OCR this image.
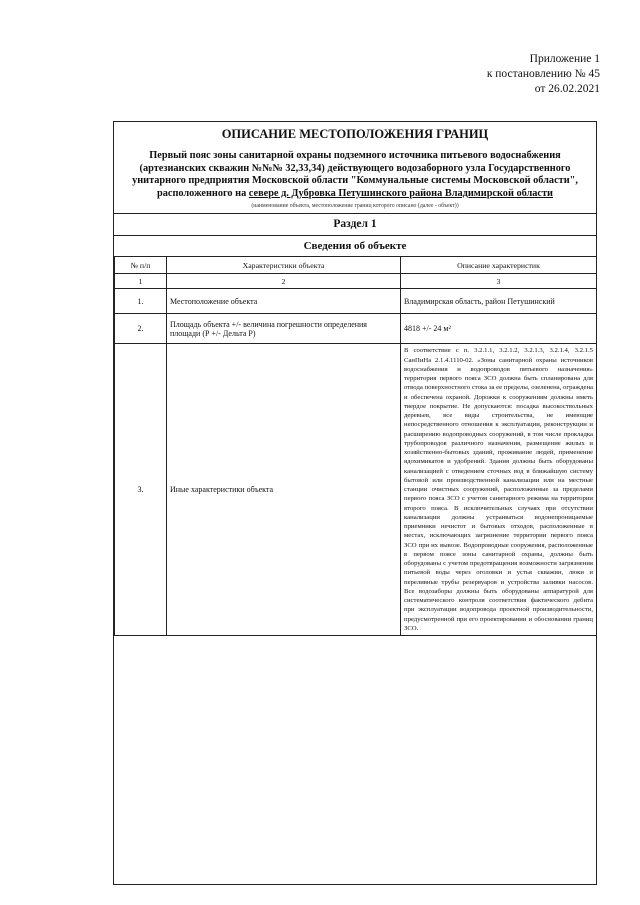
Приложение 1
к постановлению № 45
от 26.02.2021
ОПИСАНИЕ МЕСТОПОЛОЖЕНИЯ ГРАНИЦ
Первый пояс зоны санитарной охраны подземного источника питьевого водоснабжения (артезианских скважин №№№ 32,33,34) действующего водозаборного узла Государственного унитарного предприятия Московской области "Коммунальные системы Московской области", расположенного на севере д. Дубровка Петушинского района Владимирской области
(наименование объекта, местоположение границ которого описано (далее - объект))
Раздел 1
Сведения об объекте
№ п/п	Характеристики объекта	Описание характеристик
1	2	3
1.	Местоположение объекта	Владимирская область, район Петушинский
2.	Площадь объекта +/- величина погрешности определения площади (Р +/- Дельта Р)	4818 +/- 24 м²
3.	Иные характеристики объекта	В соответствие с п. 3.2.1.1, 3.2.1.2, 3.2.1.3, 3.2.1.4, 3.2.1.5 СанПиНа 2.1.4.1110-02. «Зоны санитарной охраны источников водоснабжения и водопроводов питьевого назначения» территория первого пояса ЗСО должна быть спланирована для отвода поверхностного стока за ее пределы, озеленена, ограждена и обеспечена охраной. Дорожки к сооружениям должны иметь твердое покрытие. Не допускаются: посадка высокоствольных деревьев, все виды строительства, не имеющие непосредственного отношения к эксплуатации, реконструкции и расширению водопроводных сооружений, в том числе прокладка трубопроводов различного назначения, размещение жилых и хозяйственно-бытовых зданий, проживание людей, применение ядохимикатов и удобрений. Здания должны быть оборудованы канализацией с отведением сточных вод в ближайшую систему бытовой или производственной канализации или на местные станции очистных сооружений, расположенные за пределами первого пояса ЗСО с учетом санитарного режима на территории второго пояса. В исключительных случаях при отсутствии канализации должны устраиваться водонепроницаемые приемники нечистот и бытовых отходов, расположенные в местах, исключающих загрязнение территории первого пояса ЗСО при их вывозе. Водопроводные сооружения, расположенные в первом поясе зоны санитарной охраны, должны быть оборудованы с учетом предотвращения возможности загрязнения питьевой воды через оголовки и устья скважин, люки и переливные трубы резервуаров и устройства заливки насосов. Все водозаборы должны быть оборудованы аппаратурой для систематического контроля соответствия фактического дебита при эксплуатации водопровода проектной производительности, предусмотренной при его проектировании и обосновании границ ЗСО.
